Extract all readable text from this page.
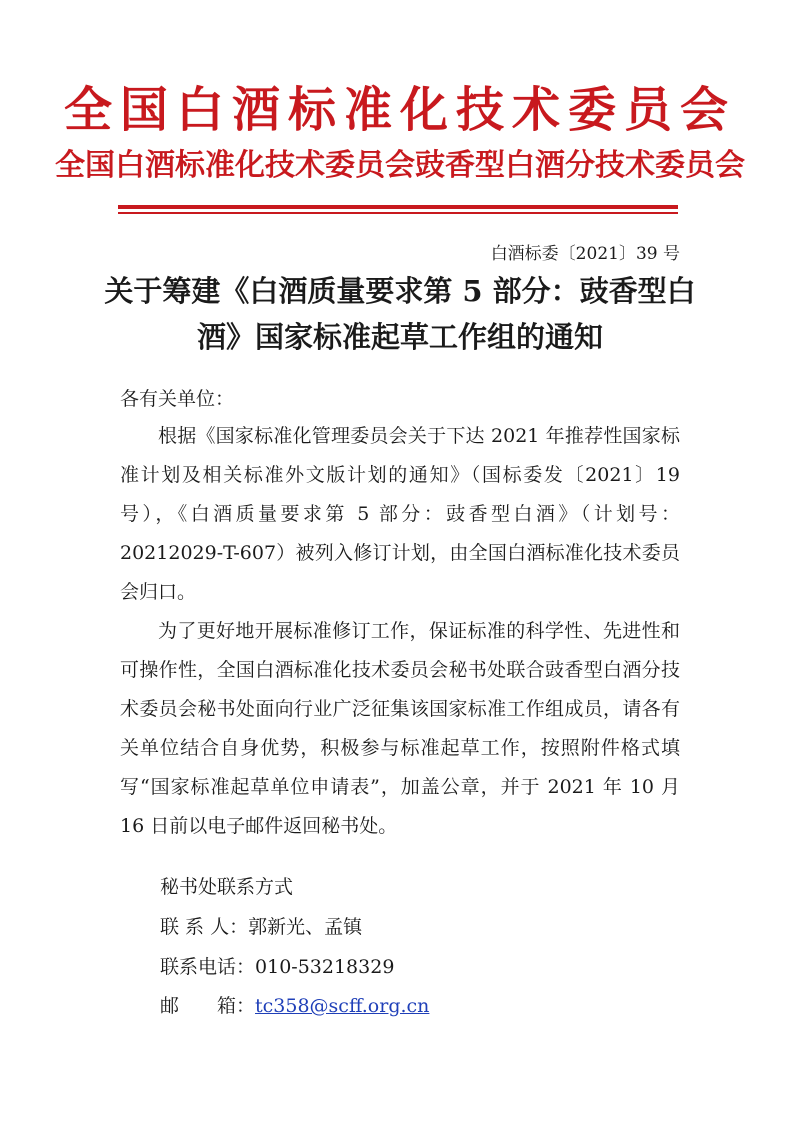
全国白酒标准化技术委员会
全国白酒标准化技术委员会豉香型白酒分技术委员会
白酒标委〔2021〕39 号
关于筹建《白酒质量要求第 5 部分：豉香型白酒》国家标准起草工作组的通知
各有关单位：
根据《国家标准化管理委员会关于下达 2021 年推荐性国家标准计划及相关标准外文版计划的通知》（国标委发〔2021〕19 号），《白酒质量要求第 5 部分：豉香型白酒》（计划号：20212029-T-607）被列入修订计划，由全国白酒标准化技术委员会归口。
为了更好地开展标准修订工作，保证标准的科学性、先进性和可操作性，全国白酒标准化技术委员会秘书处联合豉香型白酒分技术委员会秘书处面向行业广泛征集该国家标准工作组成员，请各有关单位结合自身优势，积极参与标准起草工作，按照附件格式填写“国家标准起草单位申请表”，加盖公章，并于 2021 年 10 月 16 日前以电子邮件返回秘书处。
秘书处联系方式
联 系 人：郭新光、孟镇
联系电话：010-53218329
邮　　箱：tc358@scff.org.cn
